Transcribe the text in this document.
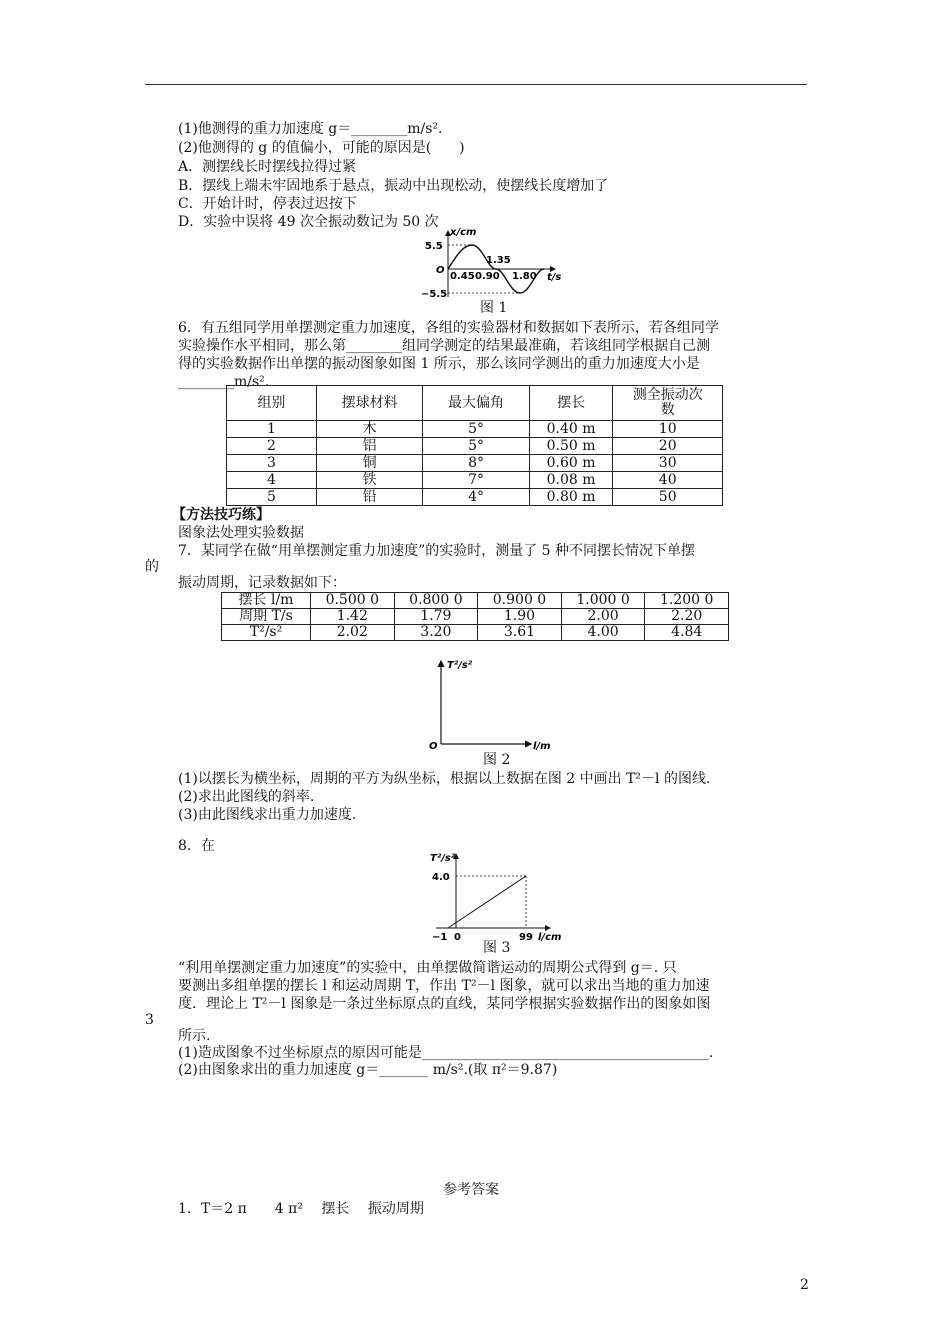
(1)他测得的重力加速度 g＝________m/s².
(2)他测得的 g 的值偏小，可能的原因是(　　)
A．测摆线长时摆线拉得过紧
B．摆线上端未牢固地系于悬点，振动中出现松动，使摆线长度增加了
C．开始计时，停表过迟按下
D．实验中误将 49 次全振动数记为 50 次
x/cm
t/s
5.5
−5.5
O
0.45 0.90
1.35
1.80
图 1
6．有五组同学用单摆测定重力加速度，各组的实验器材和数据如下表所示，若各组同学
实验操作水平相同，那么第________组同学测定的结果最准确，若该组同学根据自己测
得的实验数据作出单摆的振动图象如图 1 所示，那么该同学测出的重力加速度大小是
________m/s².
组别	摆球材料	最大偏角	摆长	测全振动次
数

1	木	5°	0.40 m	10
2	铝	5°	0.50 m	20
3	铜	8°	0.60 m	30
4	铁	7°	0.08 m	40
5	铅	4°	0.80 m	50
【方法技巧练】
图象法处理实验数据
7．某同学在做“用单摆测定重力加速度”的实验时，测量了 5 种不同摆长情况下单摆
的
振动周期，记录数据如下：
摆长 l/m	0.500 0	0.800 0	0.900 0	1.000 0	1.200 0
周期 T/s	1.42	1.79	1.90	2.00	2.20
T²/s²	2.02	3.20	3.61	4.00	4.84
T²/s²
l/m
O
图 2
(1)以摆长为横坐标，周期的平方为纵坐标，根据以上数据在图 2 中画出 T²－l 的图线.
(2)求出此图线的斜率.
(3)由此图线求出重力加速度.
8．在
T²/s²
l/cm
4.0
−1 0	99
图 3
“利用单摆测定重力加速度”的实验中，由单摆做简谐运动的周期公式得到 g＝. 只
要测出多组单摆的摆长 l 和运动周期 T，作出 T²－l 图象，就可以求出当地的重力加速
度．理论上 T²－l 图象是一条过坐标原点的直线，某同学根据实验数据作出的图象如图
3
所示.
(1)造成图象不过坐标原点的原因可能是_________________________________________.
(2)由图象求出的重力加速度 g＝_______ m/s².(取 π²＝9.87)
参考答案
1．T＝2 π　　4 π²　 摆长　 振动周期
2
